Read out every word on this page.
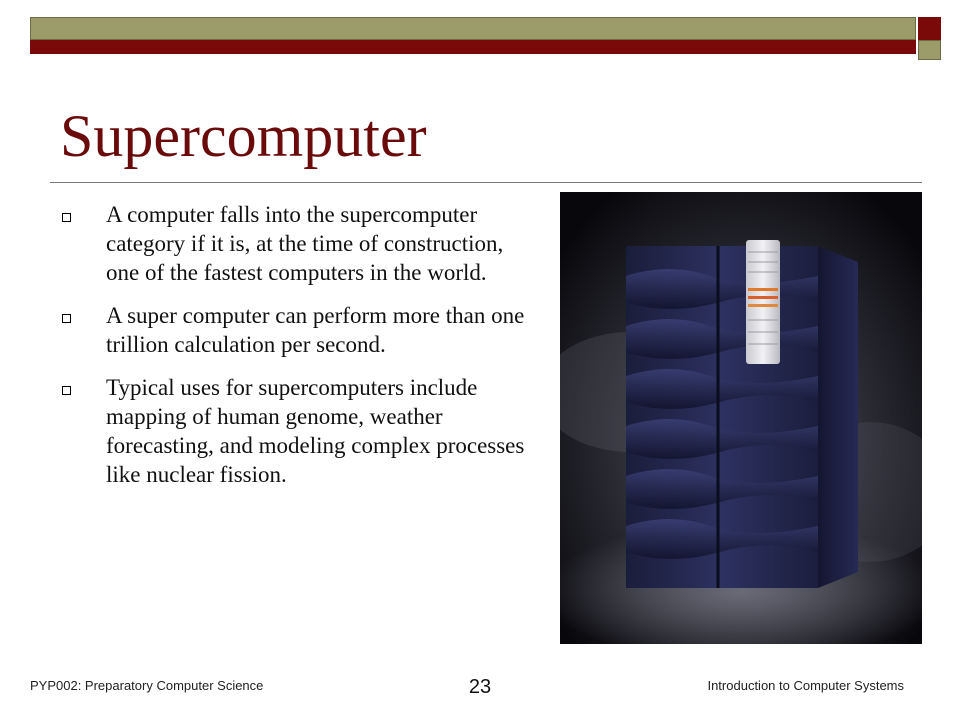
Supercomputer
A computer falls into the supercomputer category if it is, at the time of construction, one of the fastest computers in the world.
A super computer can perform more than one trillion calculation per second.
Typical uses for supercomputers include mapping of human genome, weather forecasting, and modeling complex processes like nuclear fission.
PYP002: Preparatory Computer Science	23	Introduction to Computer Systems
